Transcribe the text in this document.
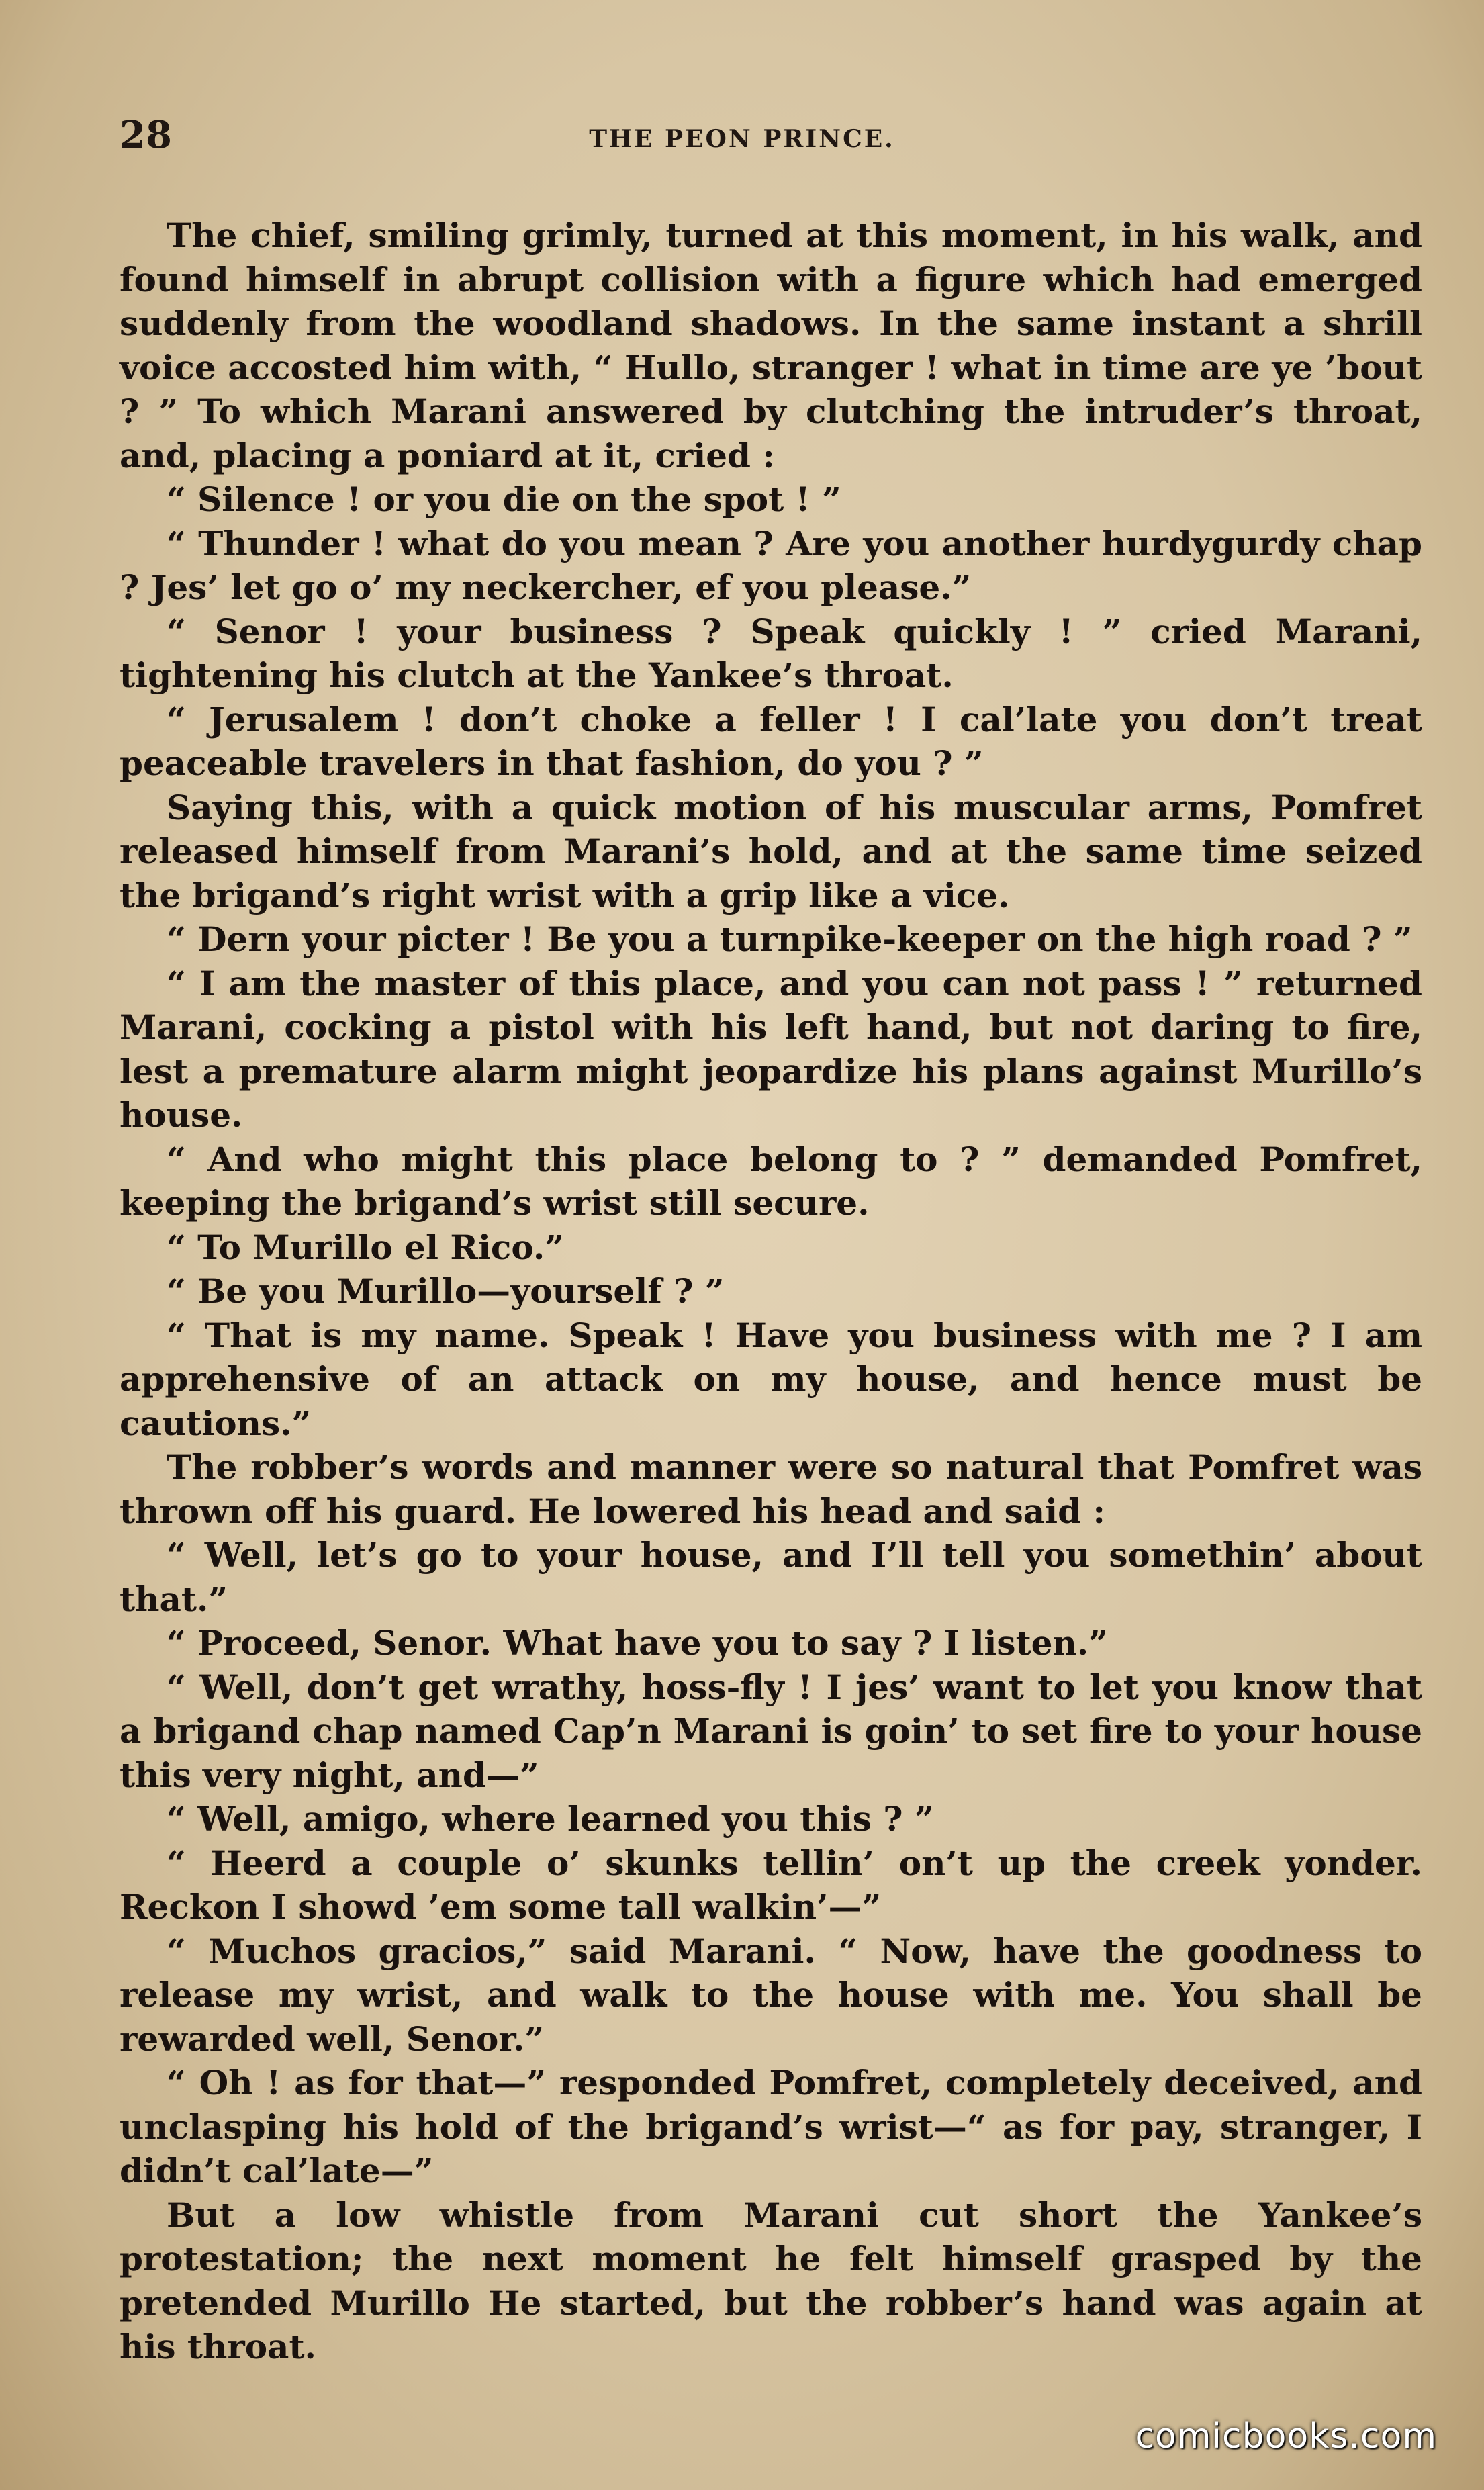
28	THE PEON PRINCE.

The chief, smiling grimly, turned at this moment, in his walk, and found himself in abrupt collision with a figure which had emerged suddenly from the woodland shadows. In the same instant a shrill voice accosted him with, “ Hullo, stranger ! what in time are ye ’bout ? ” To which Marani answered by clutching the intruder’s throat, and, placing a poniard at it, cried :

“ Silence ! or you die on the spot ! ”

“ Thunder ! what do you mean ? Are you another hurdygurdy chap ? Jes’ let go o’ my neckercher, ef you please.”

“ Senor ! your business ? Speak quickly ! ” cried Marani, tightening his clutch at the Yankee’s throat.

“ Jerusalem ! don’t choke a feller ! I cal’late you don’t treat peaceable travelers in that fashion, do you ? ”

Saying this, with a quick motion of his muscular arms, Pomfret released himself from Marani’s hold, and at the same time seized the brigand’s right wrist with a grip like a vice.

“ Dern your picter ! Be you a turnpike-keeper on the high road ? ”

“ I am the master of this place, and you can not pass ! ” returned Marani, cocking a pistol with his left hand, but not daring to fire, lest a premature alarm might jeopardize his plans against Murillo’s house.

“ And who might this place belong to ? ” demanded Pomfret, keeping the brigand’s wrist still secure.

“ To Murillo el Rico.”

“ Be you Murillo—yourself ? ”

“ That is my name. Speak ! Have you business with me ? I am apprehensive of an attack on my house, and hence must be cautions.”

The robber’s words and manner were so natural that Pomfret was thrown off his guard. He lowered his head and said :

“ Well, let’s go to your house, and I’ll tell you somethin’ about that.”

“ Proceed, Senor. What have you to say ? I listen.”

“ Well, don’t get wrathy, hoss-fly ! I jes’ want to let you know that a brigand chap named Cap’n Marani is goin’ to set fire to your house this very night, and—”

“ Well, amigo, where learned you this ? ”

“ Heerd a couple o’ skunks tellin’ on’t up the creek yonder. Reckon I showd ’em some tall walkin’—”

“ Muchos gracios,” said Marani. “ Now, have the goodness to release my wrist, and walk to the house with me. You shall be rewarded well, Senor.”

“ Oh ! as for that—” responded Pomfret, completely deceived, and unclasping his hold of the brigand’s wrist—“ as for pay, stranger, I didn’t cal’late—”

But a low whistle from Marani cut short the Yankee’s protestation; the next moment he felt himself grasped by the pretended Murillo He started, but the robber’s hand was again at his throat.

comicbooks.com
